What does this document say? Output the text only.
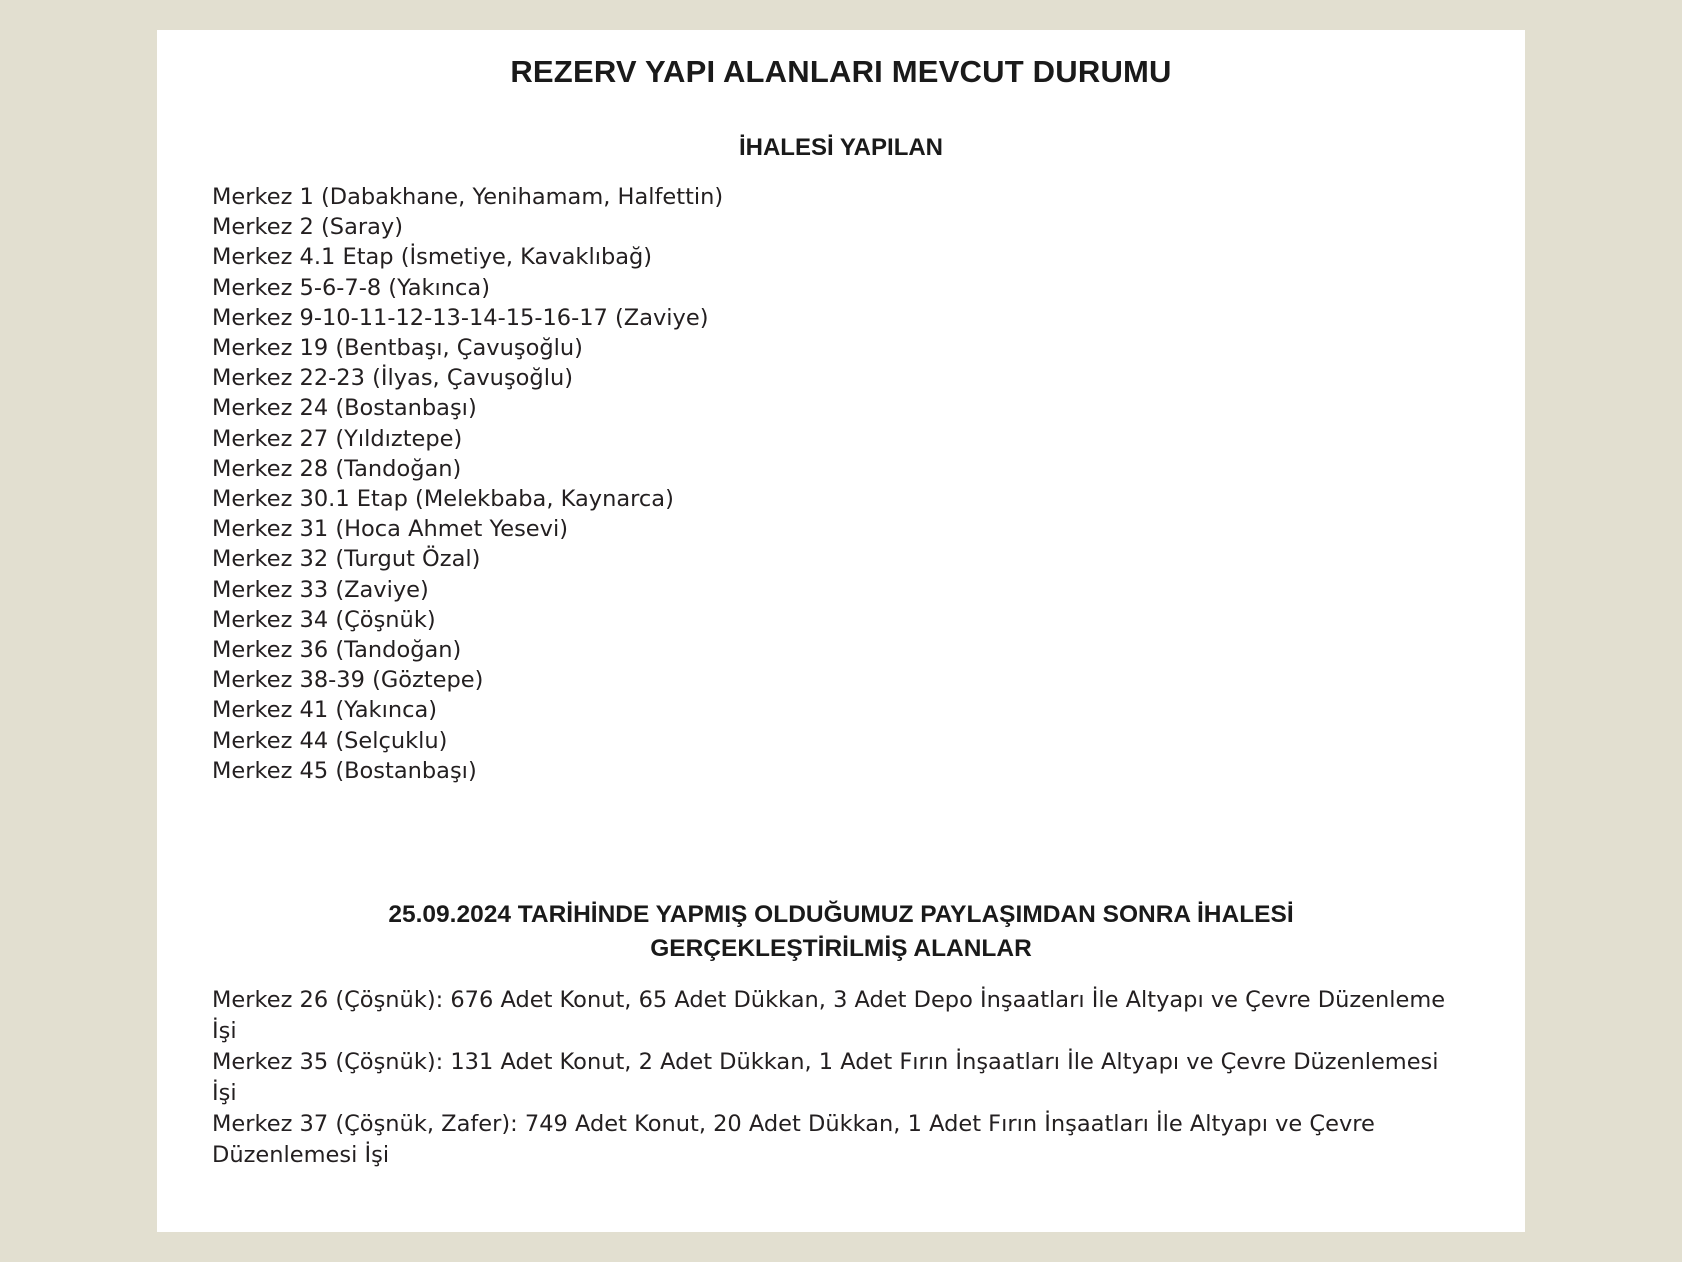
REZERV YAPI ALANLARI MEVCUT DURUMU
İHALESİ YAPILAN
Merkez 1 (Dabakhane, Yenihamam, Halfettin)
Merkez 2 (Saray)
Merkez 4.1 Etap (İsmetiye, Kavaklıbağ)
Merkez 5-6-7-8 (Yakınca)
Merkez 9-10-11-12-13-14-15-16-17 (Zaviye)
Merkez 19 (Bentbaşı, Çavuşoğlu)
Merkez 22-23 (İlyas, Çavuşoğlu)
Merkez 24 (Bostanbaşı)
Merkez 27 (Yıldıztepe)
Merkez 28 (Tandoğan)
Merkez 30.1 Etap (Melekbaba, Kaynarca)
Merkez 31 (Hoca Ahmet Yesevi)
Merkez 32 (Turgut Özal)
Merkez 33 (Zaviye)
Merkez 34 (Çöşnük)
Merkez 36 (Tandoğan)
Merkez 38-39 (Göztepe)
Merkez 41 (Yakınca)
Merkez 44 (Selçuklu)
Merkez 45 (Bostanbaşı)
25.09.2024 TARİHİNDE YAPMIŞ OLDUĞUMUZ PAYLAŞIMDAN SONRA İHALESİ
GERÇEKLEŞTİRİLMİŞ ALANLAR
Merkez 26 (Çöşnük): 676 Adet Konut, 65 Adet Dükkan, 3 Adet Depo İnşaatları İle Altyapı ve Çevre Düzenleme İşi
Merkez 35 (Çöşnük): 131 Adet Konut, 2 Adet Dükkan, 1 Adet Fırın İnşaatları İle Altyapı ve Çevre Düzenlemesi İşi
Merkez 37 (Çöşnük, Zafer): 749 Adet Konut, 20 Adet Dükkan, 1 Adet Fırın İnşaatları İle Altyapı ve Çevre Düzenlemesi İşi
